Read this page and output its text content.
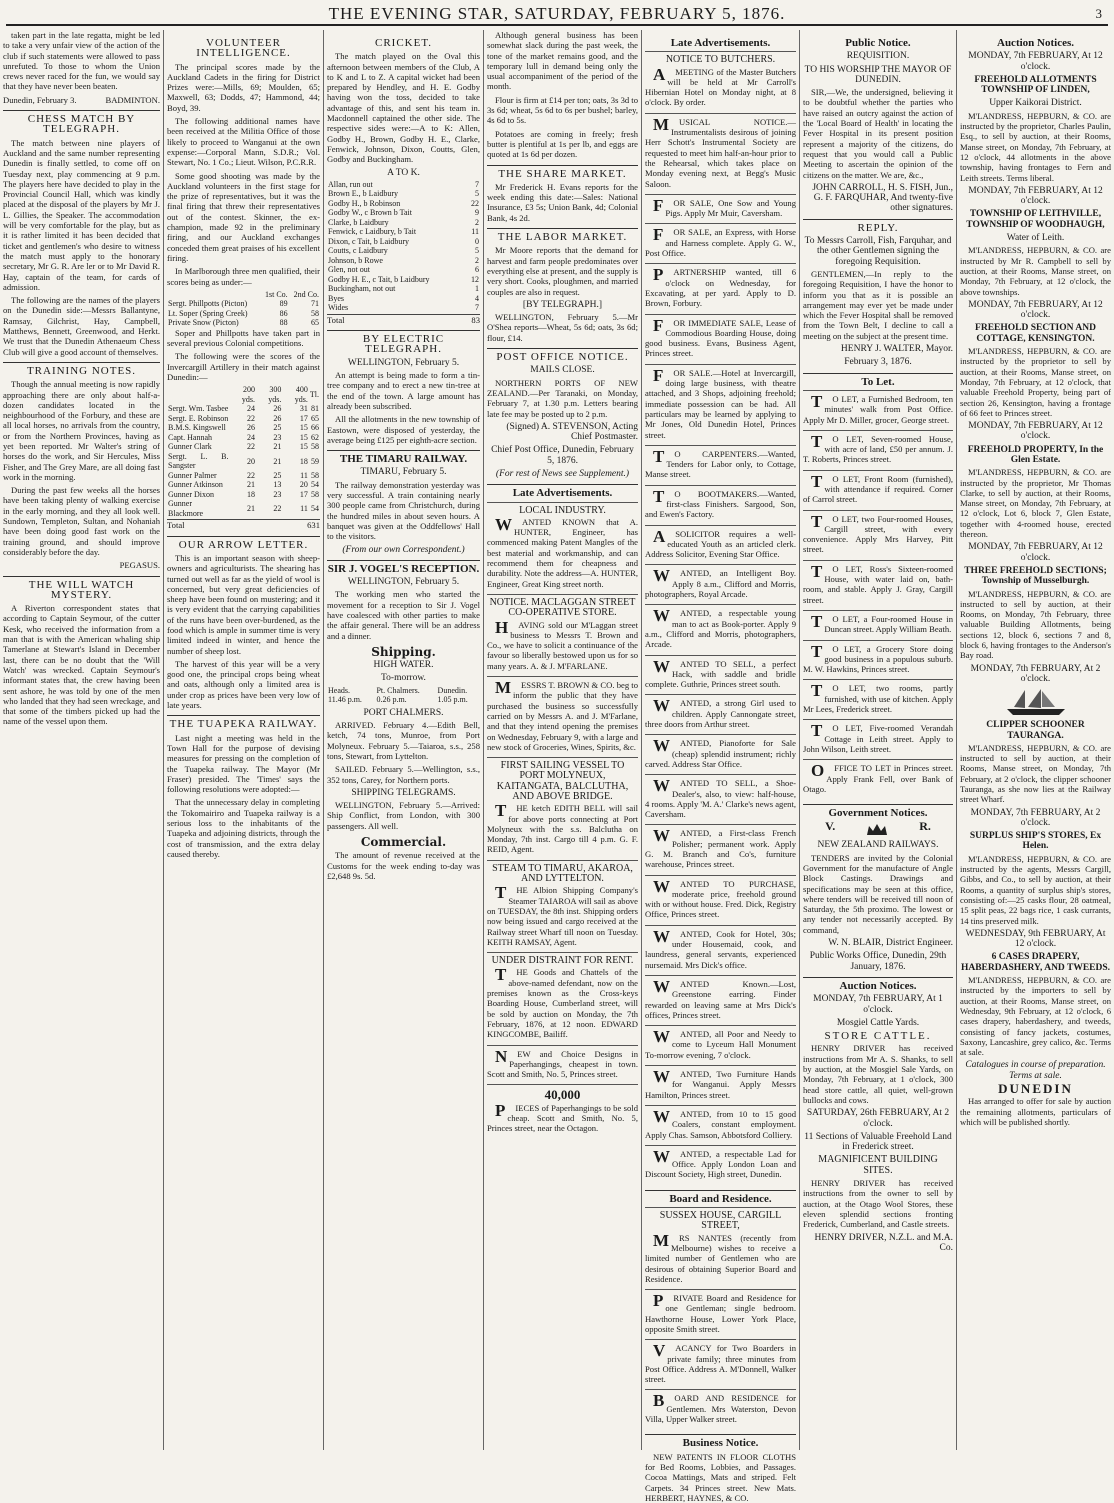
THE EVENING STAR, SATURDAY, FEBRUARY 5, 1876.	3

taken part in the late regatta, might be led to take a very unfair view of the action of the club if such statements were allowed to pass unrefuted. To those to whom the Union crews never raced for the fun, we would say that they have never been beaten.

Dunedin, February 3.	BADMINTON.
CHESS MATCH BY TELEGRAPH.

The match between nine players of Auckland and the same number representing Dunedin is finally settled, to come off on Tuesday next, play commencing at 9 p.m. The players here have decided to play in the Provincial Council Hall, which was kindly placed at the disposal of the players by Mr J. L. Gillies, the Speaker. The accommodation will be very comfortable for the play, but as it is rather limited it has been decided that ticket and gentlemen's who desire to witness the match must apply to the honorary secretary, Mr G. R. Are ler or to Mr David R. Hay, captain of the team, for cards of admission.

The following are the names of the players on the Dunedin side:—Messrs Ballantyne, Ramsay, Gilchrist, Hay, Campbell, Matthews, Bennett, Greenwood, and Herkt. We trust that the Dunedin Athenaeum Chess Club will give a good account of themselves.

TRAINING NOTES.

Though the annual meeting is now rapidly approaching there are only about half-a-dozen candidates located in the neighbourhood of the Forbury, and these are all local horses, no arrivals from the country, or from the Northern Provinces, having as yet been reported. Mr Walter's string of horses do the work, and Sir Hercules, Miss Fisher, and The Grey Mare, are all doing fast work in the morning.

During the past few weeks all the horses have been taking plenty of walking exercise in the early morning, and they all look well. Sundown, Templeton, Sultan, and Nohaniah have been doing good fast work on the training ground, and should improve considerably before the day.

PEGASUS.
THE WILL WATCH MYSTERY.

A Riverton correspondent states that according to Captain Seymour, of the cutter Kesk, who received the information from a man that is with the American whaling ship Tamerlane at Stewart's Island in December last, there can be no doubt that the 'Will Watch' was wrecked. Captain Seymour's informant states that, the crew having been sent ashore, he was told by one of the men who landed that they had seen wreckage, and that some of the timbers picked up had the name of the vessel upon them.

VOLUNTEER INTELLIGENCE.

The principal scores made by the Auckland Cadets in the firing for District Prizes were:—Mills, 69; Moulden, 65; Maxwell, 63; Dodds, 47; Hammond, 44; Boyd, 39.

The following additional names have been received at the Militia Office of those likely to proceed to Wanganui at the own expense:—Corporal Mann, S.D.R.; Vol. Stewart, No. 1 Co.; Lieut. Wilson, P.C.R.R.

Some good shooting was made by the Auckland volunteers in the first stage for the prize of representatives, but it was the final firing that threw their representatives out of the contest. Skinner, the ex-champion, made 92 in the preliminary firing, and our Auckland exchanges conceded them great praises of his excellent firing.

In Marlborough three men qualified, their scores being as under:—

	1st Co.	2nd Co.
Sergt. Phillpotts (Picton)	89	71
Lt. Soper (Spring Creek)	86	58
Private Snow (Picton)	88	65

Soper and Phillpotts have taken part in several previous Colonial competitions.

The following were the scores of the Invercargill Artillery in their match against Dunedin:—

	200 yds.	300 yds.	400 yds.	Tl.
Sergt. Wm. Tasbee	24	26	31	81
Sergt. E. Robinson	22	26	17	65
B.M.S. Kingswell	26	25	15	66
Capt. Hannah	24	23	15	62
Gunner Clark	22	21	15	58
Sergt. L. B. Sangster	20	21	18	59
Gunner Palmer	22	25	11	58
Gunner Atkinson	21	13	20	54
Gunner Dixon	18	23	17	58
Gunner Blackmore	21	22	11	54
Total	631
OUR ARROW LETTER.

This is an important season with sheep-owners and agriculturists. The shearing has turned out well as far as the yield of wool is concerned, but very great deficiencies of sheep have been found on mustering; and it is very evident that the carrying capabilities of the runs have been over-burdened, as the food which is ample in summer time is very limited indeed in winter, and hence the number of sheep lost.

The harvest of this year will be a very good one, the principal crops being wheat and oats, although only a limited area is under crop as prices have been very low of late years.

THE TUAPEKA RAILWAY.

Last night a meeting was held in the Town Hall for the purpose of devising measures for pressing on the completion of the Tuapeka railway. The Mayor (Mr Fraser) presided. The 'Times' says the following resolutions were adopted:—

That the unnecessary delay in completing the Tokomairiro and Tuapeka railway is a serious loss to the inhabitants of the Tuapeka and adjoining districts, through the cost of transmission, and the extra delay caused thereby.

CRICKET.

The match played on the Oval this afternoon between members of the Club, A to K and L to Z. A capital wicket had been prepared by Hendley, and H. E. Godby having won the toss, decided to take advantage of this, and sent his team in. Macdonnell captained the other side. The respective sides were:—A to K: Allen, Godby H., Brown, Godby H. E., Clarke, Fenwick, Johnson, Dixon, Coutts, Glen, Godby and Buckingham.

A TO K.
Allan, run out	7
Brown E., b Laidbury	5
Godby H., b Robinson	22
Godby W., c Brown b Tait	9
Clarke, b Laidbury	2
Fenwick, c Laidbury, b Tait	11
Dixon, c Tait, b Laidbury	0
Coutts, c Laidbury	5
Johnson, b Rowe	2
Glen, not out	6
Godby H. E., c Tait, b Laidbury	12
Buckingham, not out	1
Byes	4
Wides	7
Total	83
BY ELECTRIC TELEGRAPH.
WELLINGTON, February 5.

An attempt is being made to form a tin-tree company and to erect a new tin-tree at the end of the town. A large amount has already been subscribed.

All the allotments in the new township of Eastown, were disposed of yesterday, the average being £125 per eighth-acre section.

THE TIMARU RAILWAY.
TIMARU, February 5.

The railway demonstration yesterday was very successful. A train containing nearly 300 people came from Christchurch, during the hundred miles in about seven hours. A banquet was given at the Oddfellows' Hall to the visitors.

(From our own Correspondent.)
SIR J. VOGEL'S RECEPTION.
WELLINGTON, February 5.

The working men who started the movement for a reception to Sir J. Vogel have coalesced with other parties to make the affair general. There will be an address and a dinner.

Shipping.
HIGH WATER.
To-morrow.
Heads.	Pt. Chalmers.	Dunedin.
11.46 p.m.	0.26 p.m.	1.05 p.m.
PORT CHALMERS.

ARRIVED. February 4.—Edith Bell, ketch, 74 tons, Munroe, from Port Molyneux. February 5.—Taiaroa, s.s., 258 tons, Stewart, from Lyttelton.

SAILED. February 5.—Wellington, s.s., 352 tons, Carey, for Northern ports.

SHIPPING TELEGRAMS.

WELLINGTON, February 5.—Arrived: Ship Conflict, from London, with 300 passengers. All well.

Commercial.

The amount of revenue received at the Customs for the week ending to-day was £2,648 9s. 5d.

Although general business has been somewhat slack during the past week, the tone of the market remains good, and the temporary lull in demand being only the usual accompaniment of the period of the month.

Flour is firm at £14 per ton; oats, 3s 3d to 3s 6d; wheat, 5s 6d to 6s per bushel; barley, 4s 6d to 5s.

Potatoes are coming in freely; fresh butter is plentiful at 1s per lb, and eggs are quoted at 1s 6d per dozen.

THE SHARE MARKET.

Mr Frederick H. Evans reports for the week ending this date:—Sales: National Insurance, £3 5s; Union Bank, 4d; Colonial Bank, 4s 2d.

THE LABOR MARKET.

Mr Moore reports that the demand for harvest and farm people predominates over everything else at present, and the supply is very short. Cooks, ploughmen, and married couples are also in request.

[BY TELEGRAPH.]

WELLINGTON, February 5.—Mr O'Shea reports—Wheat, 5s 6d; oats, 3s 6d; flour, £14.

POST OFFICE NOTICE.
MAILS CLOSE.

NORTHERN PORTS OF NEW ZEALAND.—Per Taranaki, on Monday, February 7, at 1.30 p.m. Letters bearing late fee may be posted up to 2 p.m.

(Signed) A. STEVENSON, Acting Chief Postmaster.
Chief Post Office, Dunedin, February 5, 1876.
(For rest of News see Supplement.)
Late Advertisements.
LOCAL INDUSTRY.

WANTED KNOWN that A. HUNTER, Engineer, has commenced making Patent Mangles of the best material and workmanship, and can recommend them for cheapness and durability. Note the address—A. HUNTER, Engineer, Great King street north.

NOTICE. MACLAGGAN STREET CO-OPERATIVE STORE.

HAVING sold our M'Laggan street business to Messrs T. Brown and Co., we have to solicit a continuance of the favour so liberally bestowed upon us for so many years. A. & J. M'FARLANE.

MESSRS T. BROWN & CO. beg to inform the public that they have purchased the business so successfully carried on by Messrs A. and J. M'Farlane, and that they intend opening the premises on Wednesday, February 9, with a large and new stock of Groceries, Wines, Spirits, &c.

FIRST SAILING VESSEL TO PORT MOLYNEUX, KAITANGATA, BALCLUTHA, AND ABOVE BRIDGE.

THE ketch EDITH BELL will sail for above ports connecting at Port Molyneux with the s.s. Balclutha on Monday, 7th inst. Cargo till 4 p.m. G. F. REID, Agent.

STEAM TO TIMARU, AKAROA, AND LYTTELTON.

THE Albion Shipping Company's Steamer TAIAROA will sail as above on TUESDAY, the 8th inst. Shipping orders now being issued and cargo received at the Railway street Wharf till noon on Tuesday. KEITH RAMSAY, Agent.

UNDER DISTRAINT FOR RENT.

THE Goods and Chattels of the above-named defendant, now on the premises known as the Cross-keys Boarding House, Cumberland street, will be sold by auction on Monday, the 7th February, 1876, at 12 noon. EDWARD KINGCOMBE, Bailiff.

NEW and Choice Designs in Paperhangings, cheapest in town. Scott and Smith, No. 5, Princes street.

40,000

PIECES of Paperhangings to be sold cheap. Scott and Smith, No. 5, Princes street, near the Octagon.

Late Advertisements.
NOTICE TO BUTCHERS.

AMEETING of the Master Butchers will be held at Mr Carroll's Hibernian Hotel on Monday night, at 8 o'clock. By order.

MUSICAL NOTICE.—Instrumentalists desirous of joining Herr Schott's Instrumental Society are requested to meet him half-an-hour prior to the Rehearsal, which takes place on Monday evening next, at Begg's Music Saloon.

FOR SALE, One Sow and Young Pigs. Apply Mr Muir, Caversham.

FOR SALE, an Express, with Horse and Harness complete. Apply G. W., Post Office.

PARTNERSHIP wanted, till 6 o'clock on Wednesday, for Excavating, at per yard. Apply to D. Brown, Forbury.

FOR IMMEDIATE SALE, Lease of Commodious Boarding House, doing good business. Evans, Business Agent, Princes street.

FOR SALE.—Hotel at Invercargill, doing large business, with theatre attached, and 3 Shops, adjoining freehold; immediate possession can be had. All particulars may be learned by applying to Mr Jones, Old Dunedin Hotel, Princes street.

TO CARPENTERS.—Wanted, Tenders for Labor only, to Cottage, Manse street.

TO BOOTMAKERS.—Wanted, first-class Finishers. Sargood, Son, and Ewen's Factory.

ASOLICITOR requires a well-educated Youth as an articled clerk. Address Solicitor, Evening Star Office.

WANTED, an Intelligent Boy. Apply 8 a.m., Clifford and Morris, photographers, Royal Arcade.

WANTED, a respectable young man to act as Book-porter. Apply 9 a.m., Clifford and Morris, photographers, Arcade.

WANTED TO SELL, a perfect Hack, with saddle and bridle complete. Guthrie, Princes street south.

WANTED, a strong Girl used to children. Apply Cannongate street, three doors from Arthur street.

WANTED, Pianoforte for Sale (cheap) splendid instrument; richly carved. Address Star Office.

WANTED TO SELL, a Shoe-Dealer's, also, to view: half-house, 4 rooms. Apply 'M. A.' Clarke's news agent, Caversham.

WANTED, a First-class French Polisher; permanent work. Apply G. M. Branch and Co's, furniture warehouse, Princes street.

WANTED TO PURCHASE, moderate price, freehold ground with or without house. Fred. Dick, Registry Office, Princes street.

WANTED, Cook for Hotel, 30s; under Housemaid, cook, and laundress, general servants, experienced nursemaid. Mrs Dick's office.

WANTED Known.—Lost, Greenstone earring. Finder rewarded on leaving same at Mrs Dick's offices, Princes street.

WANTED, all Poor and Needy to come to Lyceum Hall Monument To-morrow evening, 7 o'clock.

WANTED, Two Furniture Hands for Wanganui. Apply Messrs Hamilton, Princes street.

WANTED, from 10 to 15 good Coalers, constant employment. Apply Chas. Samson, Abbotsford Colliery.

WANTED, a respectable Lad for Office. Apply London Loan and Discount Society, High street, Dunedin.

Board and Residence.
SUSSEX HOUSE, CARGILL STREET,

MRS NANTES (recently from Melbourne) wishes to receive a limited number of Gentlemen who are desirous of obtaining Superior Board and Residence.

PRIVATE Board and Residence for one Gentleman; single bedroom. Hawthorne House, Lower York Place, opposite Smith street.

VACANCY for Two Boarders in private family; three minutes from Post Office. Address A. M'Donnell, Walker street.

BOARD AND RESIDENCE for Gentlemen. Mrs Waterston, Devon Villa, Upper Walker street.

Business Notice.

NEW PATENTS IN FLOOR CLOTHS for Bed Rooms, Lobbies, and Passages. Cocoa Mattings, Mats and striped. Felt Carpets. 34 Princes street. New Mats. HERBERT, HAYNES, & CO.

Public Notice.
REQUISITION.
TO HIS WORSHIP THE MAYOR OF DUNEDIN.

SIR,—We, the undersigned, believing it to be doubtful whether the parties who have raised an outcry against the action of the 'Local Board of Health' in locating the Fever Hospital in its present position represent a majority of the citizens, do request that you would call a Public Meeting to ascertain the opinion of the citizens on the matter. We are, &c.,

JOHN CARROLL, H. S. FISH, Jun., G. F. FARQUHAR, And twenty-five other signatures.
REPLY.
To Messrs Carroll, Fish, Farquhar, and the other Gentlemen signing the foregoing Requisition.

GENTLEMEN,—In reply to the foregoing Requisition, I have the honor to inform you that as it is possible an arrangement may ever yet be made under which the Fever Hospital shall be removed from the Town Belt, I decline to call a meeting on the subject at the present time.

HENRY J. WALTER, Mayor.
February 3, 1876.
To Let.

TO LET, a Furnished Bedroom, ten minutes' walk from Post Office. Apply Mr D. Miller, grocer, George street.

TO LET, Seven-roomed House, with acre of land, £50 per annum. J. T. Roberts, Princes street.

TO LET, Front Room (furnished), with attendance if required. Corner of Carrol street.

TO LET, two Four-roomed Houses, Cargill street, with every convenience. Apply Mrs Harvey, Pitt street.

TO LET, Ross's Sixteen-roomed House, with water laid on, bath-room, and stable. Apply J. Gray, Cargill street.

TO LET, a Four-roomed House in Duncan street. Apply William Beath.

TO LET, a Grocery Store doing good business in a populous suburb. M. W. Hawkins, Princes street.

TO LET, two rooms, partly furnished, with use of kitchen. Apply Mr Lees, Frederick street.

TO LET, Five-roomed Verandah Cottage in Leith street. Apply to John Wilson, Leith street.

OFFICE TO LET in Princes street. Apply Frank Fell, over Bank of Otago.

Government Notices.
V.	R.
NEW ZEALAND RAILWAYS.

TENDERS are invited by the Colonial Government for the manufacture of Angle Block Castings. Drawings and specifications may be seen at this office, where tenders will be received till noon of Saturday, the 5th proximo. The lowest or any tender not necessarily accepted. By command,

W. N. BLAIR, District Engineer.
Public Works Office, Dunedin, 29th January, 1876.
Auction Notices.
MONDAY, 7th FEBRUARY, At 1 o'clock.
Mosgiel Cattle Yards.
STORE CATTLE.

HENRY DRIVER has received instructions from Mr A. S. Shanks, to sell by auction, at the Mosgiel Sale Yards, on Monday, 7th February, at 1 o'clock, 300 head store cattle, all quiet, well-grown bullocks and cows.

SATURDAY, 26th FEBRUARY, At 2 o'clock.
11 Sections of Valuable Freehold Land in Frederick street.
MAGNIFICENT BUILDING SITES.

HENRY DRIVER has received instructions from the owner to sell by auction, at the Otago Wool Stores, these eleven splendid sections fronting Frederick, Cumberland, and Castle streets.

HENRY DRIVER, N.Z.L. and M.A. Co.
Auction Notices.
MONDAY, 7th FEBRUARY, At 12 o'clock.
FREEHOLD ALLOTMENTS TOWNSHIP OF LINDEN,
Upper Kaikorai District.

M'LANDRESS, HEPBURN, & CO. are instructed by the proprietor, Charles Paulin, Esq., to sell by auction, at their Rooms, Manse street, on Monday, 7th February, at 12 o'clock, 44 allotments in the above township, having frontages to Fern and Leith streets. Terms liberal.

MONDAY, 7th FEBRUARY, At 12 o'clock.
TOWNSHIP OF LEITHVILLE, TOWNSHIP OF WOODHAUGH,
Water of Leith.

M'LANDRESS, HEPBURN, & CO. are instructed by Mr R. Campbell to sell by auction, at their Rooms, Manse street, on Monday, 7th February, at 12 o'clock, the above townships.

MONDAY, 7th FEBRUARY, At 12 o'clock.
FREEHOLD SECTION AND COTTAGE, KENSINGTON.

M'LANDRESS, HEPBURN, & CO. are instructed by the proprietor to sell by auction, at their Rooms, Manse street, on Monday, 7th February, at 12 o'clock, that valuable Freehold Property, being part of section 26, Kensington, having a frontage of 66 feet to Princes street.

MONDAY, 7th FEBRUARY, At 12 o'clock.
FREEHOLD PROPERTY, In the Glen Estate.

M'LANDRESS, HEPBURN, & CO. are instructed by the proprietor, Mr Thomas Clarke, to sell by auction, at their Rooms, Manse street, on Monday, 7th February, at 12 o'clock, Lot 6, block 7, Glen Estate, together with 4-roomed house, erected thereon.

MONDAY, 7th FEBRUARY, At 12 o'clock.
THREE FREEHOLD SECTIONS; Township of Musselburgh.

M'LANDRESS, HEPBURN, & CO. are instructed to sell by auction, at their Rooms, on Monday, 7th February, three valuable Building Allotments, being sections 12, block 6, sections 7 and 8, block 6, having frontages to the Anderson's Bay road.

MONDAY, 7th FEBRUARY, At 2 o'clock.
CLIPPER SCHOONER TAURANGA.

M'LANDRESS, HEPBURN, & CO. are instructed to sell by auction, at their Rooms, Manse street, on Monday, 7th February, at 2 o'clock, the clipper schooner Tauranga, as she now lies at the Railway street Wharf.

MONDAY, 7th FEBRUARY, At 2 o'clock.
SURPLUS SHIP'S STORES, Ex Helen.

M'LANDRESS, HEPBURN, & CO. are instructed by the agents, Messrs Cargill, Gibbs, and Co., to sell by auction, at their Rooms, a quantity of surplus ship's stores, consisting of:—25 casks flour, 28 oatmeal, 15 split peas, 22 bags rice, 1 cask currants, 14 tins preserved milk.

WEDNESDAY, 9th FEBRUARY, At 12 o'clock.
6 CASES DRAPERY, HABERDASHERY, AND TWEEDS.

M'LANDRESS, HEPBURN, & CO. are instructed by the importers to sell by auction, at their Rooms, Manse street, on Wednesday, 9th February, at 12 o'clock, 6 cases drapery, haberdashery, and tweeds, consisting of fancy jackets, costumes, Saxony, Lancashire, grey calico, &c. Terms at sale.

Catalogues in course of preparation. Terms at sale.
DUNEDIN

Has arranged to offer for sale by auction the remaining allotments, particulars of which will be published shortly.
